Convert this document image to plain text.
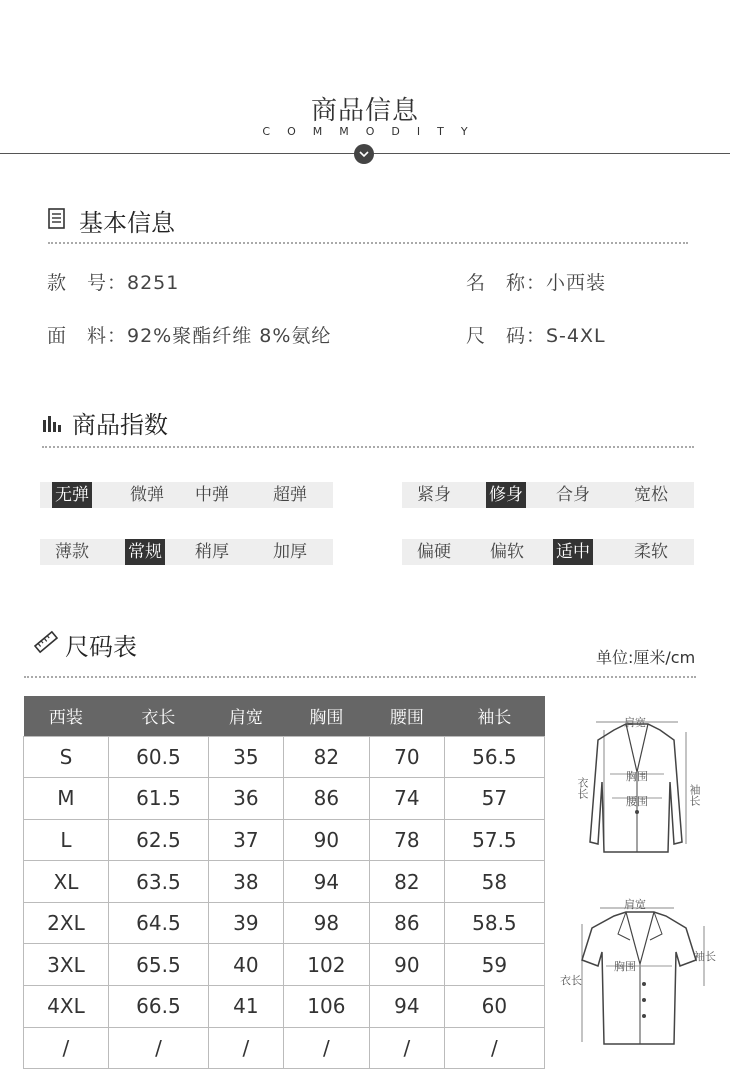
商品信息
COMMODITY
基本信息
款　号：8251	名　称：小西装
面　料：92%聚酯纤维 8%氨纶	尺　码：S-4XL
商品指数
无弹 微弹 中弹	超弹	紧身 修身 合身	宽松
薄款 常规 稍厚	加厚	偏硬 偏软 适中	柔软
尺码表	单位:厘米/cm
西装	衣长	肩宽	胸围	腰围	袖长
S	60.5	35	82	70	56.5
M	61.5	36	86	74	57
L	62.5	37	90	78	57.5
XL	63.5	38	94	82	58
2XL	64.5	39	98	86	58.5
3XL	65.5	40	102	90	59
4XL	66.5	41	106	94	60
/	/	/	/	/	/
肩宽
衣长
胸围
腰围	袖长
肩宽
衣长
胸围
袖长
